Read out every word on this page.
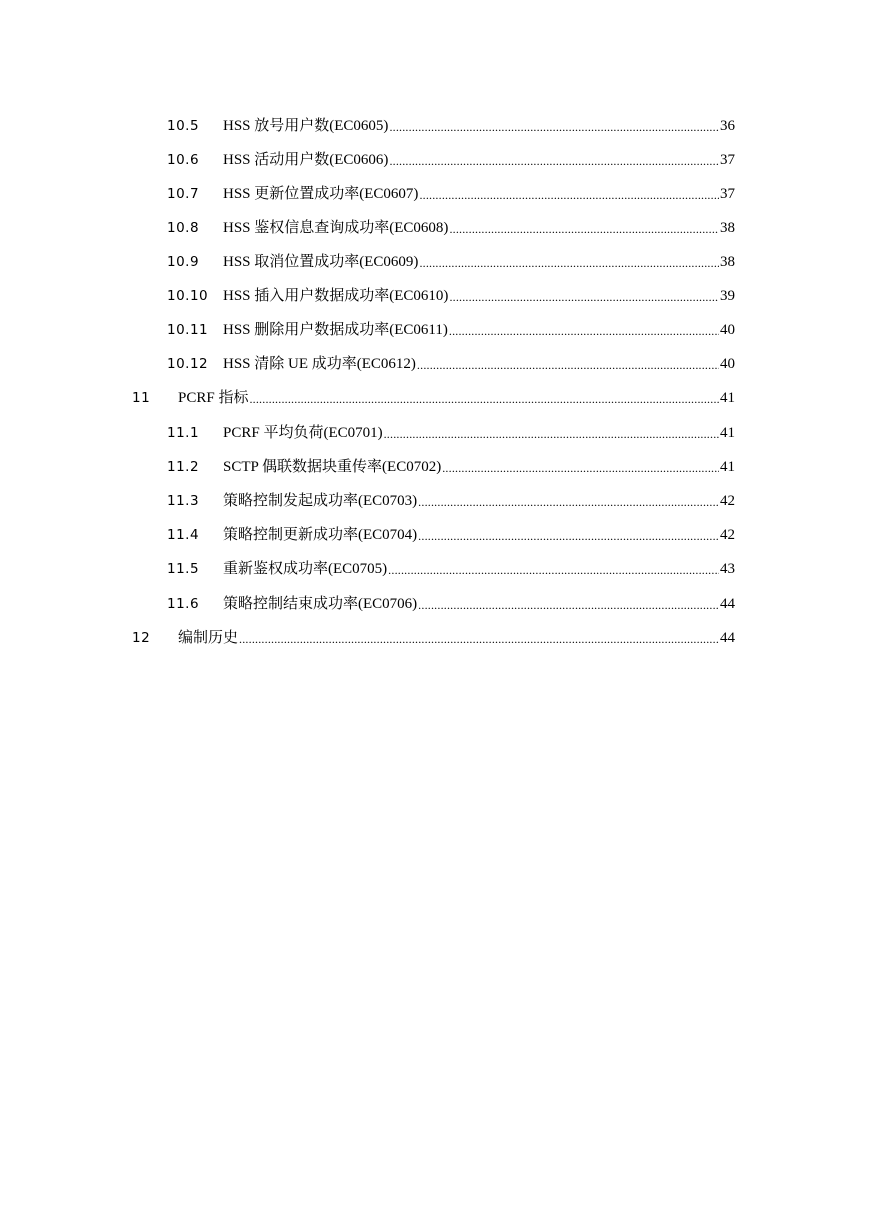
10.5	HSS 放号用户数(EC0605) .....	36
10.6	HSS 活动用户数(EC0606) .....	37
10.7	HSS 更新位置成功率(EC0607) .....	37
10.8	HSS 鉴权信息查询成功率(EC0608) .....	38
10.9	HSS 取消位置成功率(EC0609) .....	38
10.10 HSS 插入用户数据成功率(EC0610) .....	39
10.11 HSS 删除用户数据成功率(EC0611) .....	40
10.12 HSS 清除 UE 成功率(EC0612) .....	40
11	PCRF 指标 .....	41
11.1	PCRF 平均负荷(EC0701) .....	41
11.2	SCTP 偶联数据块重传率(EC0702) .....	41
11.3	策略控制发起成功率(EC0703) .....	42
11.4	策略控制更新成功率(EC0704) .....	42
11.5	重新鉴权成功率(EC0705) .....	43
11.6	策略控制结束成功率(EC0706) .....	44
12	编制历史 .....	44
